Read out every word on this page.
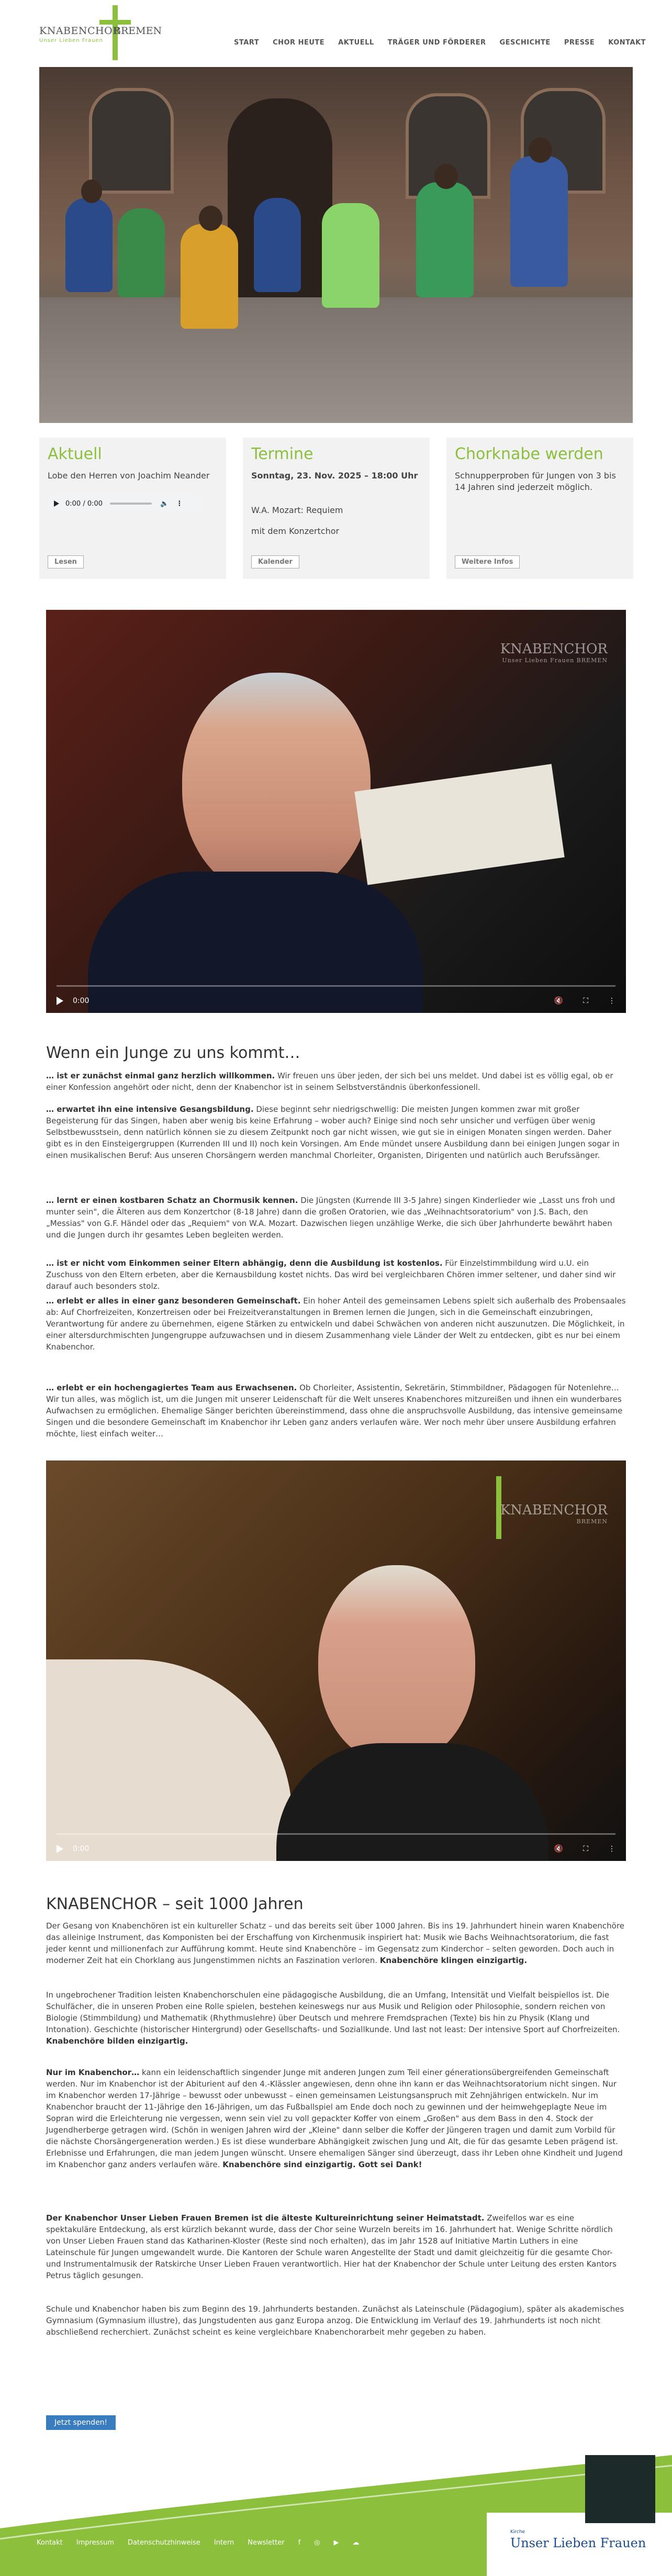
KNABENCHOR
BREMEN
Unser Lieben Frauen	START	CHOR HEUTE	AKTUELL	TRÄGER UND FÖRDERER	GESCHICHTE	PRESSE	KONTAKT
Aktuell
Lobe den Herren von Joachim Neander
0:00 / 0:00	🔈 ⋮
Lesen
Termine
Sonntag, 23. Nov. 2025 – 18:00 Uhr
W.A. Mozart: Requiem
mit dem Konzertchor
Kalender
Chorknabe werden
Schnupperproben für Jungen von 3 bis 14 Jahren sind jederzeit möglich.
Weitere Infos
KNABENCHOR
Unser Lieben Frauen BREMEN
0:00	🔇	⛶	⋮
Wenn ein Junge zu uns kommt…

… ist er zunächst einmal ganz herzlich willkommen. Wir freuen uns über jeden, der sich bei uns meldet. Und dabei ist es völlig egal, ob er einer Konfession angehört oder nicht, denn der Knabenchor ist in seinem Selbstverständnis überkonfessionell.

… erwartet ihn eine intensive Gesangsbildung. Diese beginnt sehr niedrigschwellig: Die meisten Jungen kommen zwar mit großer Begeisterung für das Singen, haben aber wenig bis keine Erfahrung – wober auch? Einige sind noch sehr unsicher und verfügen über wenig Selbstbewusstsein, denn natürlich können sie zu diesem Zeitpunkt noch gar nicht wissen, wie gut sie in einigen Monaten singen werden. Daher gibt es in den Einsteigergruppen (Kurrenden III und II) noch kein Vorsingen. Am Ende mündet unsere Ausbildung dann bei einigen Jungen sogar in einen musikalischen Beruf: Aus unseren Chorsängern werden manchmal Chorleiter, Organisten, Dirigenten und natürlich auch Berufssänger.

… lernt er einen kostbaren Schatz an Chormusik kennen. Die Jüngsten (Kurrende III 3-5 Jahre) singen Kinderlieder wie „Lasst uns froh und munter sein", die Älteren aus dem Konzertchor (8-18 Jahre) dann die großen Oratorien, wie das „Weihnachtsoratorium" von J.S. Bach, den „Messias" von G.F. Händel oder das „Requiem" von W.A. Mozart. Dazwischen liegen unzählige Werke, die sich über Jahrhunderte bewährt haben und die Jungen durch ihr gesamtes Leben begleiten werden.

… ist er nicht vom Einkommen seiner Eltern abhängig, denn die Ausbildung ist kostenlos. Für Einzelstimmbildung wird u.U. ein Zuschuss von den Eltern erbeten, aber die Kernausbildung kostet nichts. Das wird bei vergleichbaren Chören immer seltener, und daher sind wir darauf auch besonders stolz.

… erlebt er alles in einer ganz besonderen Gemeinschaft. Ein hoher Anteil des gemeinsamen Lebens spielt sich außerhalb des Probensaales ab: Auf Chorfreizeiten, Konzertreisen oder bei Freizeitveranstaltungen in Bremen lernen die Jungen, sich in die Gemeinschaft einzubringen, Verantwortung für andere zu übernehmen, eigene Stärken zu entwickeln und dabei Schwächen von anderen nicht auszunutzen. Die Möglichkeit, in einer altersdurchmischten Jungengruppe aufzuwachsen und in diesem Zusammenhang viele Länder der Welt zu entdecken, gibt es nur bei einem Knabenchor.

… erlebt er ein hochengagiertes Team aus Erwachsenen. Ob Chorleiter, Assistentin, Sekretärin, Stimmbildner, Pädagogen für Notenlehre… Wir tun alles, was möglich ist, um die Jungen mit unserer Leidenschaft für die Welt unseres Knabenchores mitzureißen und ihnen ein wunderbares Aufwachsen zu ermöglichen. Ehemalige Sänger berichten übereinstimmend, dass ohne die anspruchsvolle Ausbildung, das intensive gemeinsame Singen und die besondere Gemeinschaft im Knabenchor ihr Leben ganz anders verlaufen wäre. Wer noch mehr über unsere Ausbildung erfahren möchte, liest einfach weiter…

KNABENCHOR
BREMEN
0:00	🔇	⛶	⋮
KNABENCHOR – seit 1000 Jahren

Der Gesang von Knabenchören ist ein kultureller Schatz – und das bereits seit über 1000 Jahren. Bis ins 19. Jahrhundert hinein waren Knabenchöre das alleinige Instrument, das Komponisten bei der Erschaffung von Kirchenmusik inspiriert hat: Musik wie Bachs Weihnachtsoratorium, die fast jeder kennt und millionenfach zur Aufführung kommt. Heute sind Knabenchöre – im Gegensatz zum Kinderchor – selten geworden. Doch auch in moderner Zeit hat ein Chorklang aus Jungenstimmen nichts an Faszination verloren. Knabenchöre klingen einzigartig.

In ungebrochener Tradition leisten Knabenchorschulen eine pädagogische Ausbildung, die an Umfang, Intensität und Vielfalt beispiellos ist. Die Schulfächer, die in unseren Proben eine Rolle spielen, bestehen keineswegs nur aus Musik und Religion oder Philosophie, sondern reichen von Biologie (Stimmbildung) und Mathematik (Rhythmuslehre) über Deutsch und mehrere Fremdsprachen (Texte) bis hin zu Physik (Klang und Intonation). Geschichte (historischer Hintergrund) oder Gesellschafts- und Soziallkunde. Und last not least: Der intensive Sport auf Chorfreizeiten. Knabenchöre bilden einzigartig.

Nur im Knabenchor… kann ein leidenschaftlich singender Junge mit anderen Jungen zum Teil einer génerationsübergreifenden Gemeinschaft werden. Nur im Knabenchor ist der Abiturient auf den 4.-Klässler angewiesen, denn ohne ihn kann er das Weihnachtsoratorium nicht singen. Nur im Knabenchor werden 17-Jährige – bewusst oder unbewusst – einen gemeinsamen Leistungsanspruch mit Zehnjährigen entwickeln. Nur im Knabenchor braucht der 11-Jährige den 16-Jährigen, um das Fußballspiel am Ende doch noch zu gewinnen und der heimwehgeplagte Neue im Sopran wird die Erleichterung nie vergessen, wenn sein viel zu voll gepackter Koffer von einem „Großen" aus dem Bass in den 4. Stock der Jugendherberge getragen wird. (Schön in wenigen Jahren wird der „Kleine" dann selber die Koffer der Jüngeren tragen und damit zum Vorbild für die nächste Chorsängergeneration werden.) Es ist diese wunderbare Abhängigkeit zwischen Jung und Alt, die für das gesamte Leben prägend ist. Erlebnisse und Erfahrungen, die man jedem Jungen wünscht. Unsere ehemaligen Sänger sind überzeugt, dass ihr Leben ohne Kindheit und Jugend im Knabenchor ganz anders verlaufen wäre. Knabenchöre sind einzigartig. Gott sei Dank!

Der Knabenchor Unser Lieben Frauen Bremen ist die älteste Kultureinrichtung seiner Heimatstadt. Zweifellos war es eine spektakuläre Entdeckung, als erst kürzlich bekannt wurde, dass der Chor seine Wurzeln bereits im 16. Jahrhundert hat. Wenige Schritte nördlich von Unser Lieben Frauen stand das Katharinen-Kloster (Reste sind noch erhalten), das im Jahr 1528 auf Initiative Martin Luthers in eine Lateinschule für Jungen umgewandelt wurde. Die Kantoren der Schule waren Angestellte der Stadt und damit gleichzeitig für die gesamte Chor- und Instrumentalmusik der Ratskirche Unser Lieben Frauen verantwortlich. Hier hat der Knabenchor der Schule unter Leitung des ersten Kantors Petrus täglich gesungen.

Schule und Knabenchor haben bis zum Beginn des 19. Jahrhunderts bestanden. Zunächst als Lateinschule (Pädagogium), später als akademisches Gymnasium (Gymnasium illustre), das Jungstudenten aus ganz Europa anzog. Die Entwicklung im Verlauf des 19. Jahrhunderts ist noch nicht abschließend recherchiert. Zunächst scheint es keine vergleichbare Knabenchorarbeit mehr gegeben zu haben.

Jetzt spenden!
Kontakt Impressum Datenschutzhinweise Intern Newsletter f ◎ ▶ ☁
Kirche
Unser Lieben Frauen
